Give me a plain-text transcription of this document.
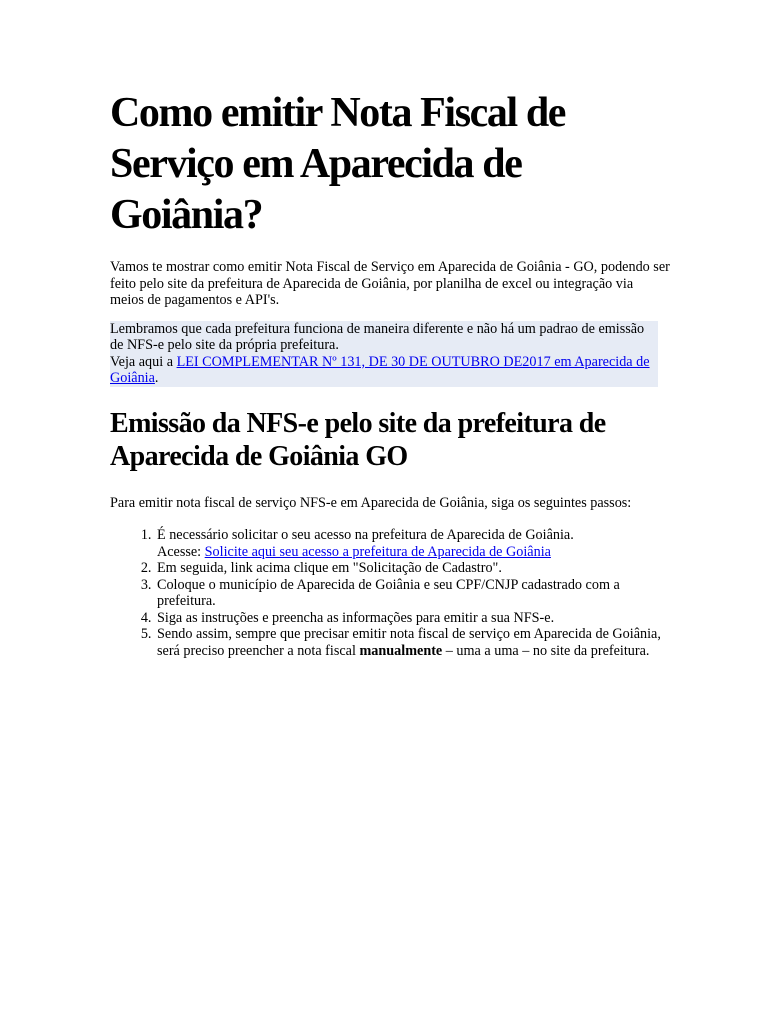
Como emitir Nota Fiscal de Serviço em Aparecida de Goiânia?

Vamos te mostrar como emitir Nota Fiscal de Serviço em Aparecida de Goiânia - GO, podendo ser feito pelo site da prefeitura de Aparecida de Goiânia, por planilha de excel ou integração via meios de pagamentos e API's.

Lembramos que cada prefeitura funciona de maneira diferente e não há um padrao de emissão de NFS-e pelo site da própria prefeitura.

Veja aqui a LEI COMPLEMENTAR Nº 131, DE 30 DE OUTUBRO DE2017 em Aparecida de Goiânia.

Emissão da NFS-e pelo site da prefeitura de Aparecida de Goiânia GO

Para emitir nota fiscal de serviço NFS-e em Aparecida de Goiânia, siga os seguintes passos:

1. É necessário solicitar o seu acesso na prefeitura de Aparecida de Goiânia.
Acesse: Solicite aqui seu acesso a prefeitura de Aparecida de Goiânia
2. Em seguida, link acima clique em "Solicitação de Cadastro".
3. Coloque o município de Aparecida de Goiânia e seu CPF/CNJP cadastrado com a prefeitura.
4. Siga as instruções e preencha as informações para emitir a sua NFS-e.
5. Sendo assim, sempre que precisar emitir nota fiscal de serviço em Aparecida de Goiânia, será preciso preencher a nota fiscal manualmente – uma a uma – no site da prefeitura.
